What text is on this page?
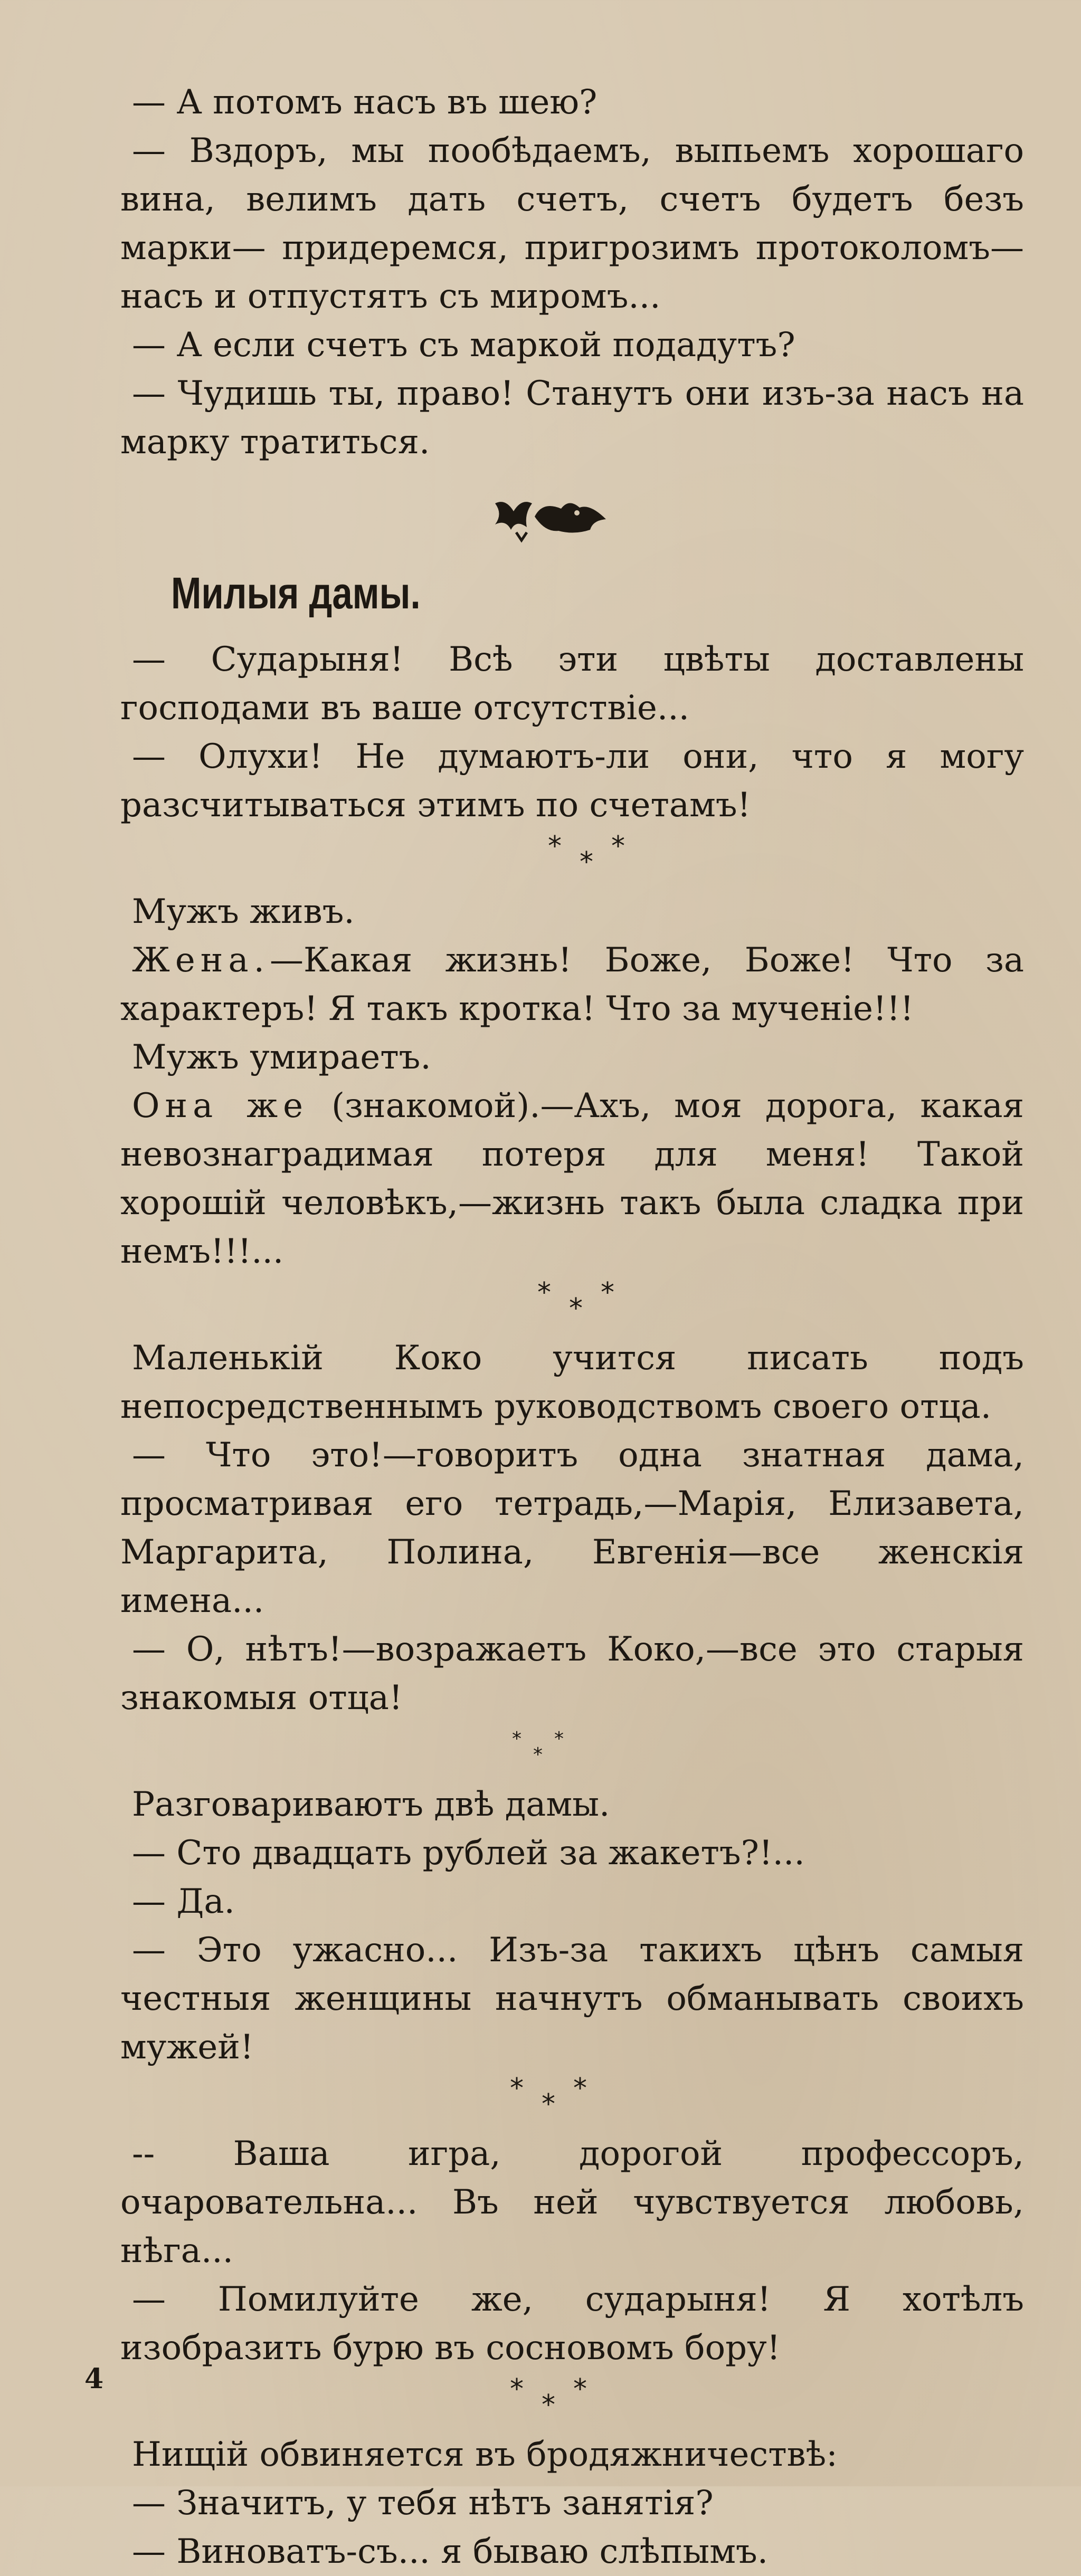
— А потомъ насъ въ шею?

— Вздоръ, мы пообѣдаемъ, выпьемъ хорошаго вина, велимъ дать счетъ, счетъ будетъ безъ марки— придеремся, пригрозимъ протоколомъ—насъ и отпустятъ съ миромъ...

— А если счетъ съ маркой подадутъ?

— Чудишь ты, право! Станутъ они изъ-за насъ на марку тратиться.

Милыя дамы.

— Сударыня! Всѣ эти цвѣты доставлены господами въ ваше отсутствіе...

— Олухи! Не думаютъ-ли они, что я могу разсчитываться этимъ по счетамъ!

* * *

Мужъ живъ.

Жена.—Какая жизнь! Боже, Боже! Что за характеръ! Я такъ кротка! Что за мученіе!!!

Мужъ умираетъ.

Она же (знакомой).—Ахъ, моя дорога, какая невознаградимая потеря для меня! Такой хорошій человѣкъ,—жизнь такъ была сладка при немъ!!!...

* * *

Маленькій Коко учится писать подъ непосредственнымъ руководствомъ своего отца.

— Что это!—говоритъ одна знатная дама, просматривая его тетрадь,—Марія, Елизавета, Маргарита, Полина, Евгенія—все женскія имена...

— О, нѣтъ!—возражаетъ Коко,—все это старыя знакомыя отца!

*
*
*

Разговариваютъ двѣ дамы.

— Сто двадцать рублей за жакетъ?!...

— Да.

— Это ужасно... Изъ-за такихъ цѣнъ самыя честныя женщины начнутъ обманывать своихъ мужей!

* * *

-- Ваша игра, дорогой профессоръ, очаровательна... Въ ней чувствуется любовь, нѣга...

— Помилуйте же, сударыня! Я хотѣлъ изобразить бурю въ сосновомъ бору!

* * *

Нищій обвиняется въ бродяжничествѣ:

— Значитъ, у тебя нѣтъ занятія?

— Виноватъ-съ... я бываю слѣпымъ.

4
